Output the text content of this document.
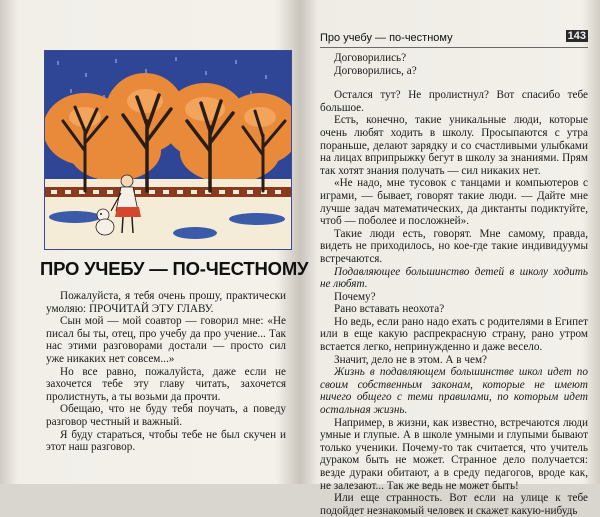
ПРО УЧЕБУ — ПО-ЧЕСТНОМУ

Пожалуйста, я тебя очень прошу, практически умоляю: ПРОЧИТАЙ ЭТУ ГЛАВУ.

Сын мой — мой соавтор — говорил мне: «Не писал бы ты, отец, про учебу да про учение... Так нас этими разговорами достали — просто сил уже никаких нет совсем...»

Но все равно, пожалуйста, даже если не захочется тебе эту главу читать, захочется пролистнуть, а ты возьми да прочти.

Обещаю, что не буду тебя поучать, а поведу разговор честный и важный.

Я буду стараться, чтобы тебе не был скучен и этот наш разговор.

Про учебу — по-честному	143

Договорились?

Договорились, а?

Остался тут? Не пролистнул? Вот спасибо тебе большое.

Есть, конечно, такие уникальные люди, которые очень любят ходить в школу. Просыпаются с утра пораньше, делают зарядку и со счастливыми улыбками на лицах вприпрыжку бегут в школу за знаниями. Прям так хотят знания получать — сил никаких нет.

«Не надо, мне тусовок с танцами и компьютеров с играми, — бывает, говорят такие люди. — Дайте мне лучше задач математических, да диктанты подиктуйте, чтоб — поболее и посложней».

Такие люди есть, говорят. Мне самому, правда, видеть не приходилось, но кое-где такие индивидуумы встречаются.

Подавляющее большинство детей в школу ходить не любят.

Почему?

Рано вставать неохота?

Но ведь, если рано надо ехать с родителями в Египет или в еще какую распрекрасную страну, рано утром встается легко, непринужденно и даже весело.

Значит, дело не в этом. А в чем?

Жизнь в подавляющем большинстве школ идет по своим собственным законам, которые не имеют ничего общего с теми правилами, по которым идет остальная жизнь.

Например, в жизни, как известно, встречаются люди умные и глупые. А в школе умными и глупыми бывают только ученики. Почему-то так считается, что учитель дураком быть не может. Странное дело получается: везде дураки обитают, а в среду педагогов, вроде как, не залезают... Так же ведь не может быть!

Или еще странность. Вот если на улице к тебе подойдет незнакомый человек и скажет какую-нибудь
